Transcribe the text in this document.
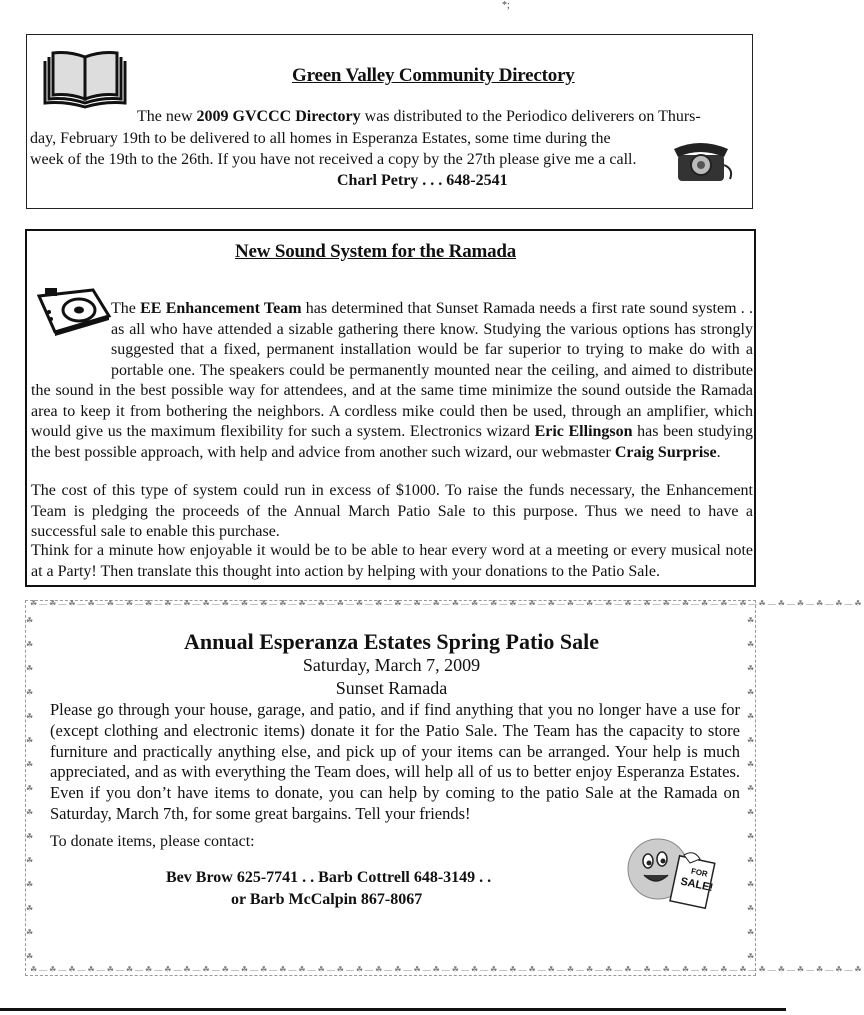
*;
Green Valley Community Directory
The new 2009 GVCCC Directory was distributed to the Periodico deliverers on Thurs-
day, February 19th to be delivered to all homes in Esperanza Estates, some time during the
week of the 19th to the 26th. If you have not received a copy by the 27th please give me a call.
Charl Petry . . . 648-2541
New Sound System for the Ramada
The EE Enhancement Team has determined that Sunset Ramada needs a first rate sound system . . as all who have attended a sizable gathering there know. Studying the various options has strongly suggested that a fixed, permanent installation would be far superior to trying to make do with a portable one. The speakers could be permanently mounted near the ceiling, and aimed to distribute the sound in the best possible way for attendees, and at the same time minimize the sound outside the Ramada area to keep it from bothering the neighbors. A cordless mike could then be used, through an amplifier, which would give us the maximum flexibility for such a system. Electronics wizard Eric Ellingson has been studying the best possible approach, with help and advice from another such wizard, our webmaster Craig Surprise.
The cost of this type of system could run in excess of $1000. To raise the funds necessary, the Enhancement Team is pledging the proceeds of the Annual March Patio Sale to this purpose. Thus we need to have a successful sale to enable this purchase.
Think for a minute how enjoyable it would be to be able to hear every word at a meeting or every musical note at a Party! Then translate this thought into action by helping with your donations to the Patio Sale.
☘—☘—☘—☘—☘—☘—☘—☘—☘—☘—☘—☘—☘—☘—☘—☘—☘—☘—☘—☘—☘—☘—☘—☘—☘—☘—☘—☘—☘—☘—☘—☘—☘—☘—☘—☘—☘—☘—☘—☘—☘—☘—☘—☘
☘—☘—☘—☘—☘—☘—☘—☘—☘—☘—☘—☘—☘—☘—☘—☘—☘—☘—☘—☘—☘—☘—☘—☘—☘—☘—☘—☘—☘—☘—☘—☘—☘—☘—☘—☘—☘—☘—☘—☘—☘—☘—☘—☘
☘
☘
☘
☘
☘
☘
☘
☘
☘
☘
☘
☘
☘
☘
☘
☘
☘
☘
☘
☘
☘
☘
☘
☘
☘
☘
☘
☘
☘
☘
Annual Esperanza Estates Spring Patio Sale
Saturday, March 7, 2009
Sunset Ramada
Please go through your house, garage, and patio, and if find anything that you no longer have a use for (except clothing and electronic items) donate it for the Patio Sale. The Team has the capacity to store furniture and practically anything else, and pick up of your items can be arranged. Your help is much appreciated, and as with everything the Team does, will help all of us to better enjoy Esperanza Estates. Even if you don’t have items to donate, you can help by coming to the patio Sale at the Ramada on Saturday, March 7th, for some great bargains. Tell your friends!
To donate items, please contact:
Bev Brow 625-7741 . . Barb Cottrell 648-3149 . .
or Barb McCalpin 867-8067
FOR
SALE!
